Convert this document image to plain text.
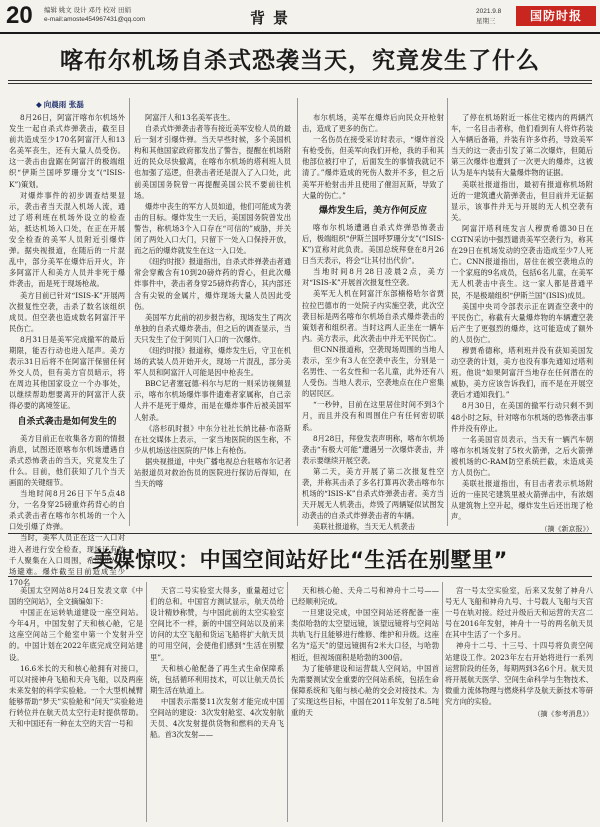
20 编辑 姚文 设计 邓丹 校对 田娟
e-mail:amoste454967431@qq.com	背景	2021.9.8
星期三	国防时报
喀布尔机场自杀式恐袭当天，究竟发生了什么
◆ 向晨雨 张磊

8月26日，阿富汗喀布尔机场外发生一起自杀式炸弹袭击，截至目前共造成至少170名阿富汗人和13名美军丧生，还有大量人员受伤。这一袭击由盘踞在阿富汗的极端组织“伊斯兰国呼罗珊分支”(“ISIS-K”)策划。

对爆炸事件的初步调查结果显示，袭击者当天混入机场人流，通过了塔利班在机场外设立的检查站，抵达机场入口处，在正在开展安全检查的美军人员附近引爆炸弹。据央视报道，在随后的一片混乱中，部分美军在爆炸后开火，许多阿富汗人和美方人员并非死于爆炸袭击，而是死于现场枪战。

美方目前已针对“ISIS-K”开展两次报复性空袭，击杀了数名该组织成员。但空袭也造成数名阿富汗平民伤亡。

8月31日是美军完成撤军的最后期限，能否行动也进入尾声。美方表示31日后将不在阿富汗保留任何外交人员，但有美方官员暗示，将在周边其他国家设立一个办事处，以继续帮助想要离开的阿富汗人获得必要的离境签证。

自杀式袭击是如何发生的

美方目前正在收集各方面的情报消息，试图还原喀布尔机场遭遇自杀式恐怖袭击的当天，究竟发生了什么。目前，他们获知了几个当天画面的关键细节。

当地时间8月26日下午5点48分，一名身穿25磅重炸药背心的自杀式袭击者在喀布尔机场的一个入口处引爆了炸弹。

当时，美军人员正在这一入口对进入者进行安全检查，现场还有数千人聚集在入口周围，希望进入机场避难。爆炸截至目前造成至少170名

阿富汗人和13名美军丧生。

自杀式炸弹袭击者等有接近美军安检人员的最后一刻才引爆炸弹。当天早些时候，多个美国机构和其他国家政府都发出了警告，提醒在机场附近的民众尽快撤离，在喀布尔机场的塔利班人员也加强了巡逻，但袭击者还是混入了入口处，此前美国国务院曾一再提醒美国公民不要前往机场。

爆炸中丧生的军方人员如道，他们可能成为袭击的目标。爆炸发生一天后，美国国务院曾发出警告，称机场3个入口存在“可信的”威胁，并关闭了两处入口大门，只留下一处入口保持开放，而之后的爆炸就发生在这一入口处。

《纽约时报》报道指出，自杀式炸弹袭击者通常会穿戴含有10到20磅炸药的背心，但此次爆炸事件中，袭击者身穿25磅炸药背心，其内部还含有尖锐的金属片，爆炸现场大量人员因此受伤。

美国军方此前的初步报告称，现场发生了两次单独的自杀式爆炸袭击，但之后的调查显示，当天只发生了位于阿贝门入口的一次爆炸。

《纽约时报》报道称，爆炸发生后，守卫在机场的武装人员开始开火，现场一片混乱，部分美军人员和阿富汗人可能是因中枪丧生。

BBC记者塞冠德·科尔与尼的一则采访视频显示，喀布尔机场爆炸事件遗难者家属称，自己亲人并不是死于爆炸，而是在爆炸事件后被美国军人射杀。

《洛杉矶时报》中东分社社长纳比赫·布洛斯在社交媒体上表示，一家当地医院的医生称，不少从机场送往医院的尸体上有枪伤。

据央视报道，中央广播电视总台驻喀布尔记者站报道员对救治伤员的医院进行探访后得知，在当天的喀

布尔机场，美军在爆炸后向民众开枪射击，造成了更多的伤亡。

一名伤员在接受采访时表示，“爆炸首没有枪受伤，但美军向我们开枪，我的手和其他部位被打中了，后面发生的事情我就记不清了。”爆炸造成的死伤人数并不多，但之后美军开枪射击并且使用了催泪瓦斯，导致了大量的伤亡。”

爆炸发生后，美方作何反应

喀布尔机场遭遇自杀式炸弹恐怖袭击后，极端组织“伊斯兰国呼罗珊分支”(“ISIS-K”)宣称对此负责。美国总统拜登在8月26日当天表示，将会“让其付出代价”。

当地时间8月28日凌晨2点，美方对“ISIS-K”开展首次报复性空袭。

美军无人机在阿富汗东部楠格哈尔省贾拉拉巴德市的一处院子内实施空袭，此次空袭目标是两名喀布尔机场自杀式爆炸袭击的策划者和组织者。当时这两人正坐在一辆车内。美方表示，此次袭击中并无平民伤亡。

但CNN报道称，空袭现场周围的当地人表示，至少有3人在空袭中丧生，分别是一名男性、一名女性和一名儿童，此外还有八人受伤。当地人表示，空袭地点在住户密集的居民区。

“一秒钟，目前在这里居住时间不到3个月，而且并没有和周围住户有任何密切联系。

8月28日，拜登发表声明称，喀布尔机场袭击“有极大可能”遭遇另一次爆炸袭击，并表示要继续开展空袭。

第二天，美方开展了第二次报复性空袭，并称其击杀了多名打算再次袭击喀布尔机场的“ISIS-K”自杀式炸弹袭击者。美方当天开展无人机袭击，炸毁了两辆疑似试图发动袭击的自杀式炸弹袭击者的车辆。

美联社报道称，当天无人机袭击

了停在机场附近一栋住宅楼内的两辆汽车，一名目击者称，他们看到有人将炸药装入车辆后备箱，并装有许多炸药，导致美军当天的这一袭击引发了第二次爆炸，但随后第三次爆炸也遭到了一次更大的爆炸，这被认为是车内装有大量爆炸物的证据。

美联社报道指出，最初有报道称机场附近的一建筑遭火箭弹袭击，但目前并无证据显示，该事件并无与开展的无人机空袭有关。

阿富汗塔利班发言人穆贾希德30日在CGTN采访中强烈谴责美军空袭行为，称其在29日在机场发动的空袭击造成至少7人死亡。CNN报道指出，居住在被空袭地点的一个家庭的9名成员，包括6名儿童，在美军无人机袭击中丧生。这一家人都是普通平民，不是极端组织“伊斯兰国”(ISIS)成员。

美国中央司令部表示正在调查空袭中的平民伤亡，称截有大量爆炸物的车辆遭空袭后产生了更强烈的爆炸，这可能造成了额外的人员伤亡。

穆贾希德称，塔利班并没有获知美国发动空袭的计划，美方也没有事先通知过塔利班。他说“如果阿富汗当地存在任何潜在的威胁，美方应该告诉我们，而不是在开展空袭后才通知我们。”

8月30日，在美国的撤军行动只剩不到48小时之际，针对喀布尔机场的恐怖袭击事件并没有停止。

一名美国官员表示，当天有一辆汽车朝喀布尔机场发射了5枚火箭弹，之后火箭弹被机场的C-RAM防空系统拦截，未造成美方人员伤亡。

美联社报道指出，有目击者表示机场附近的一座民宅建筑里被火箭弹击中，有浓烟从建筑物上空升起，爆炸发生后还出现了枪声。

（摘《新京报》）
美媒惊叹：中国空间站好比“生活在别墅里”

美国太空网站8月24日发表文章《中国的空间站》，全文摘编如下：

中国正在运转轨道建设一座空间站。今年4月，中国发射了天和核心舱，它是这座空间站三个舱室中第一个发射升空的。中国计划在2022年底完成空间站建设。

16.6米长的天和核心舱拥有对接口，可以对接神舟飞船和天舟飞船，以及两座未来发射的科学实验舱。一个大型机械臂能够帮助“梦天”实验舱和“问天”实验舱进行转位并在航天员太空行走时提供帮助。天和中国还有一种在太空的天宫一号和

天宫二号实验室大得多，重量超过它们的总和。中国官方测试显示，航天员给设计精妙称赞，与中国此前的太空实验室空间比不一样，新的中国空间站以及前来访问的太空飞船和货运飞船将扩大航天员的可用空间，会使他们感到“生活在别墅里”。

天和核心舱配备了再生式生命保障系统，包括循环利用技术，可以让航天员长期生活在轨道上。

中国表示需要11次发射才能完成中国空间站的建设：3次发射舱室、4次发射航天员、4次发射提供货物和燃料的天舟飞船。首3次发射——

天和核心舱、天舟二号和神舟十二号——已经顺利完成。

一旦建设完成，中国空间站还将配备一座类似哈勃的太空望远镜，该望远镜将与空间站共轨飞行且能够进行维修、维护和升级。这座名为“巡天”的望远镜拥有2米大口径，与哈勃相近，但视场面积是哈勃的300倍。

为了能够建设和运营载人空间站，中国首先需要测试安全重要的空间站系统，包括生命保障系统和飞船与核心舱的交会对接技术。为了实现这些目标，中国在2011年发射了8.5吨重的天

宫一号太空实验室，后来又发射了神舟八号无人飞船和神舟九号、十号载人飞船与天宫一号在轨对接。经过升级后天和运营的天宫二号在2016年发射，神舟十一号的两名航天员在其中生活了一个多月。

神舟十二号、十三号、十四号将负责空间站建设工作。2023年左右开始将进行一系列运营阶段的任务，每期两到3名6个月。航天员将开展航天医学、空间生命科学与生物技术、微重力流体物理与燃烧科学及航天新技术等研究方向的实验。

（摘《参考消息》）
